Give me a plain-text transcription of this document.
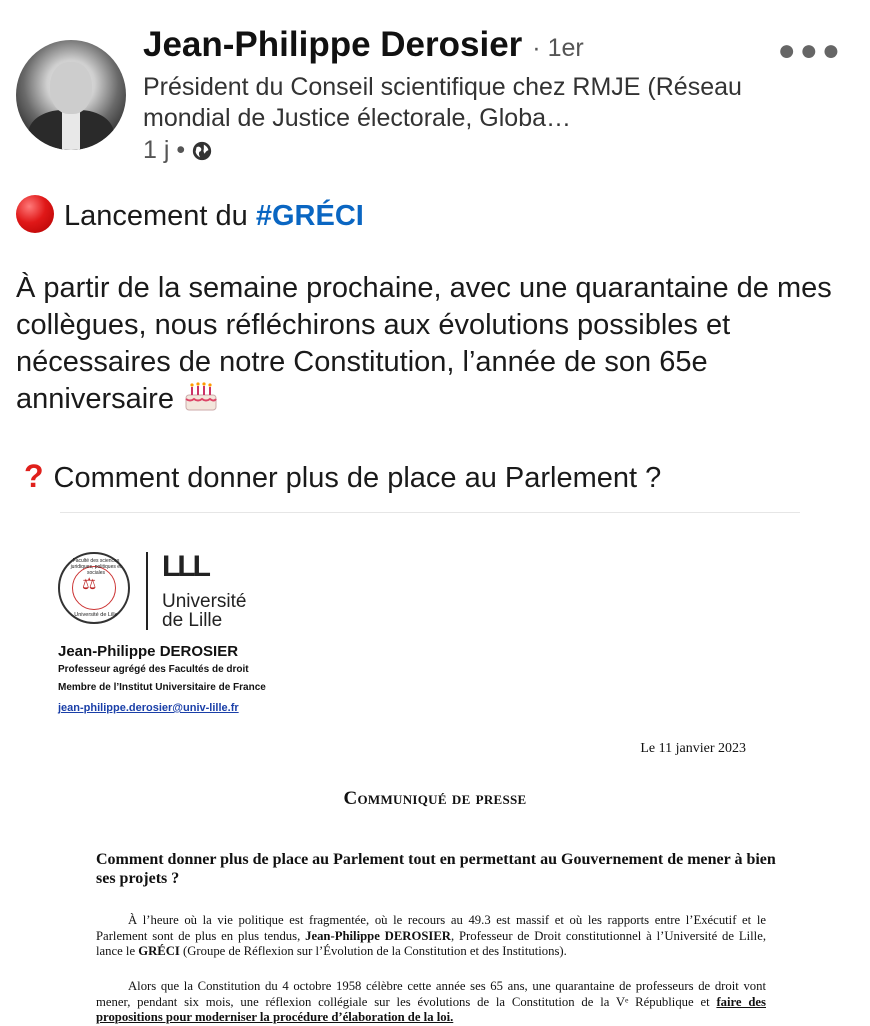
Jean-Philippe Derosier · 1er	●●●
Président du Conseil scientifique chez RMJE (Réseau mondial de Justice électorale, Globa…
1 j •
Lancement du #GRÉCI
À partir de la semaine prochaine, avec une quarantaine de mes collègues, nous réfléchirons aux évolutions possibles et nécessaires de notre Constitution, l’année de son 65e anniversaire
? Comment donner plus de place au Parlement ?
⚖
Faculté des sciences juridiques, politiques et sociales
Université de Lille
LLL
Université
de Lille
Jean-Philippe DEROSIER
Professeur agrégé des Facultés de droit
Membre de l’Institut Universitaire de France
jean-philippe.derosier@univ-lille.fr
Le 11 janvier 2023
Communiqué de presse
Comment donner plus de place au Parlement tout en permettant au Gouvernement de mener à bien ses projets ?
À l’heure où la vie politique est fragmentée, où le recours au 49.3 est massif et où les rapports entre l’Exécutif et le Parlement sont de plus en plus tendus, Jean-Philippe DEROSIER, Professeur de Droit constitutionnel à l’Université de Lille, lance le GRÉCI (Groupe de Réflexion sur l’Évolution de la Constitution et des Institutions).
Alors que la Constitution du 4 octobre 1958 célèbre cette année ses 65 ans, une quarantaine de professeurs de droit vont mener, pendant six mois, une réflexion collégiale sur les évolutions de la Constitution de la Vᵉ République et faire des propositions pour moderniser la procédure d’élaboration de la loi.
